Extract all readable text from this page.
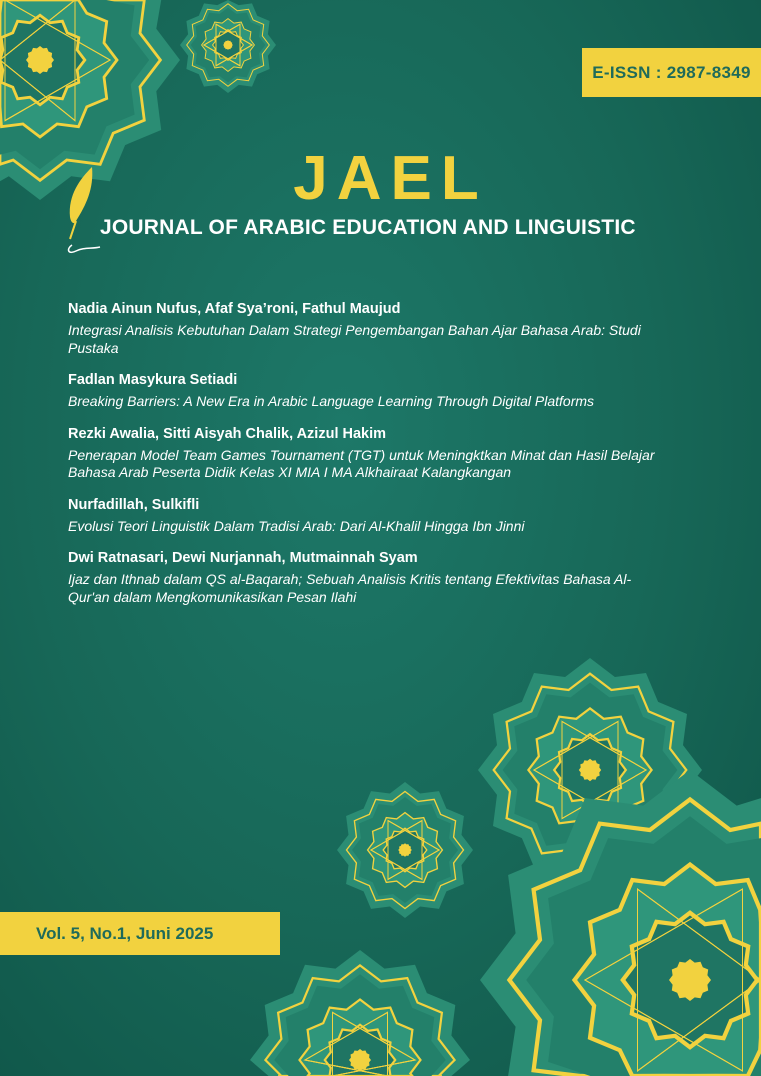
E-ISSN : 2987-8349
JAEL
JOURNAL OF ARABIC EDUCATION AND LINGUISTIC
Nadia Ainun Nufus, Afaf Sya’roni, Fathul Maujud
Integrasi Analisis Kebutuhan Dalam Strategi Pengembangan Bahan Ajar Bahasa Arab: Studi Pustaka
Fadlan Masykura Setiadi
Breaking Barriers: A New Era in Arabic Language Learning Through Digital Platforms
Rezki Awalia, Sitti Aisyah Chalik, Azizul Hakim
Penerapan Model Team Games Tournament (TGT) untuk Meningktkan Minat dan Hasil Belajar Bahasa Arab Peserta Didik Kelas XI MIA I MA Alkhairaat Kalangkangan
Nurfadillah, Sulkifli
Evolusi Teori Linguistik Dalam Tradisi Arab: Dari Al-Khalil Hingga Ibn Jinni
Dwi Ratnasari, Dewi Nurjannah, Mutmainnah Syam
Ijaz dan Ithnab dalam QS al-Baqarah; Sebuah Analisis Kritis tentang Efektivitas Bahasa Al-Qur'an dalam Mengkomunikasikan Pesan Ilahi
Vol. 5, No.1, Juni 2025
